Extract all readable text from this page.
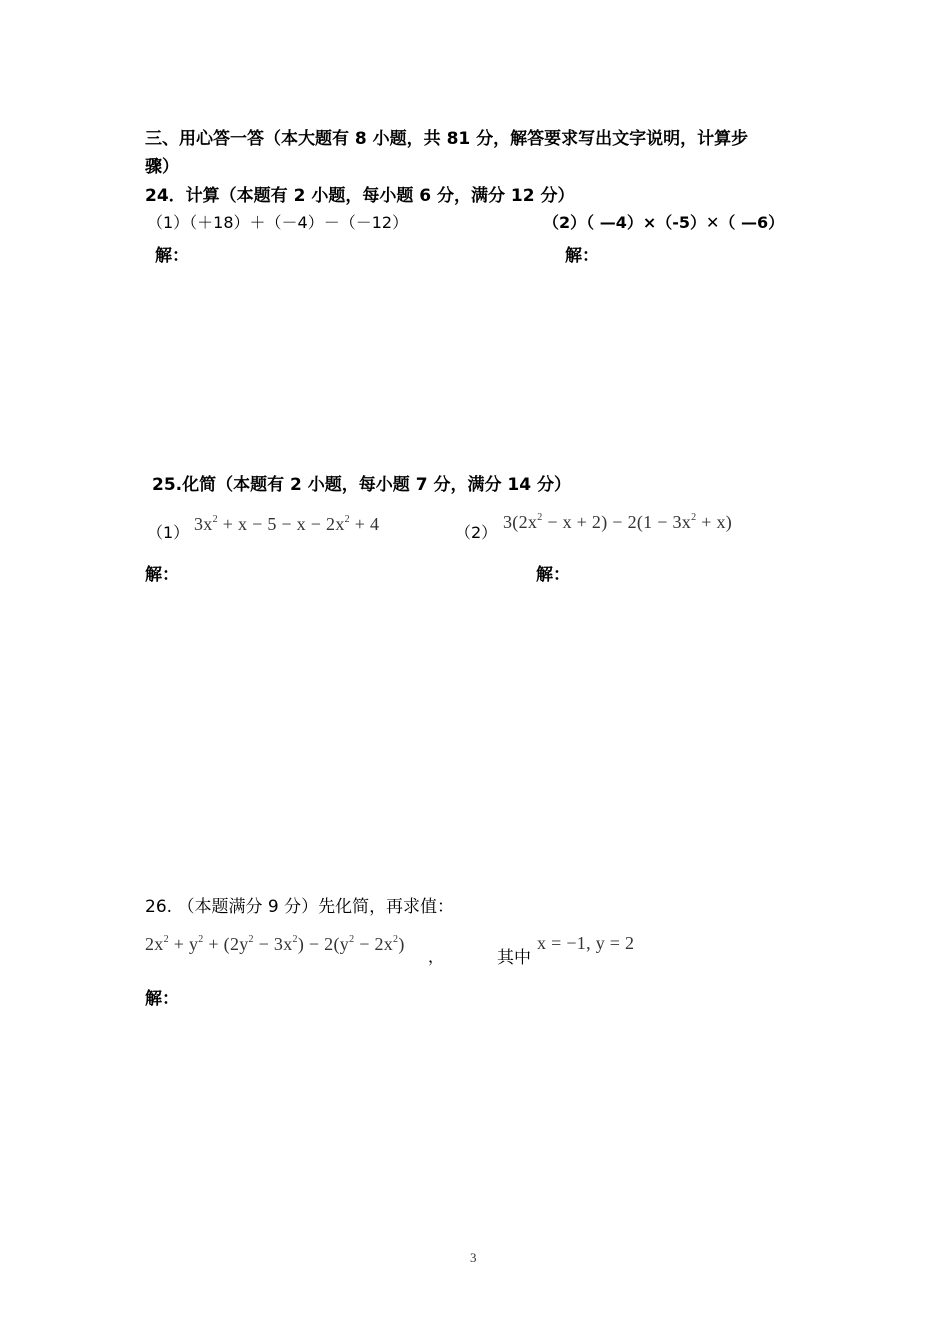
三、用心答一答（本大题有 8 小题，共 81 分，解答要求写出文字说明，计算步
骤）
24．计算（本题有 2 小题，每小题 6 分，满分 12 分）
（1）（＋18）＋（－4）－（－12）	（2）（ —4）×（-5）✕（ —6）
解：	解：
25.化简（本题有 2 小题，每小题 7 分，满分 14 分）
（1） $3x^2 + x - 5 - x - 2x^2 + 4$	（2）
$3(2x^2 - x + 2) - 2(1 - 3x^2 + x)$
解：	解：
26. （本题满分 9 分）先化简，再求值：
$2x^2 + y^2 + (2y^2 - 3x^2) - 2(y^2 - 2x^2)$
，	其中
x = −1, y = 2
解：
3
